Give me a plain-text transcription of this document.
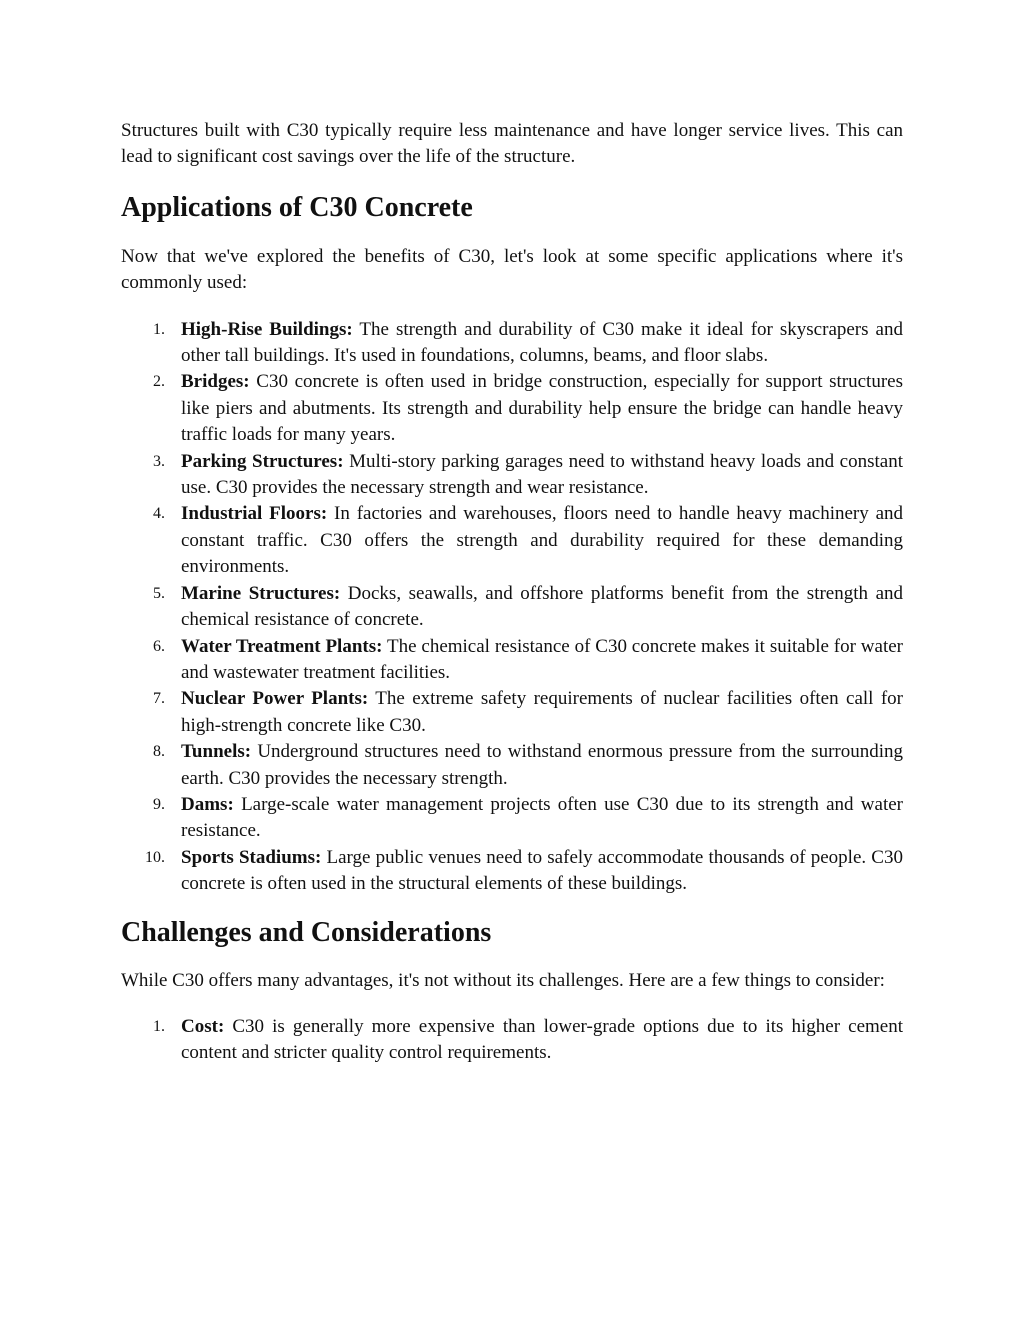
Structures built with C30 typically require less maintenance and have longer service lives. This can lead to significant cost savings over the life of the structure.

Applications of C30 Concrete

Now that we've explored the benefits of C30, let's look at some specific applications where it's commonly used:

1. High-Rise Buildings: The strength and durability of C30 make it ideal for skyscrapers and other tall buildings. It's used in foundations, columns, beams, and floor slabs.
2. Bridges: C30 concrete is often used in bridge construction, especially for support structures like piers and abutments. Its strength and durability help ensure the bridge can handle heavy traffic loads for many years.
3. Parking Structures: Multi-story parking garages need to withstand heavy loads and constant use. C30 provides the necessary strength and wear resistance.
4. Industrial Floors: In factories and warehouses, floors need to handle heavy machinery and constant traffic. C30 offers the strength and durability required for these demanding environments.
5. Marine Structures: Docks, seawalls, and offshore platforms benefit from the strength and chemical resistance of concrete.
6. Water Treatment Plants: The chemical resistance of C30 concrete makes it suitable for water and wastewater treatment facilities.
7. Nuclear Power Plants: The extreme safety requirements of nuclear facilities often call for high-strength concrete like C30.
8. Tunnels: Underground structures need to withstand enormous pressure from the surrounding earth. C30 provides the necessary strength.
9. Dams: Large-scale water management projects often use C30 due to its strength and water resistance.
10. Sports Stadiums: Large public venues need to safely accommodate thousands of people. C30 concrete is often used in the structural elements of these buildings.
Challenges and Considerations

While C30 offers many advantages, it's not without its challenges. Here are a few things to consider:

1. Cost: C30 is generally more expensive than lower-grade options due to its higher cement content and stricter quality control requirements.
